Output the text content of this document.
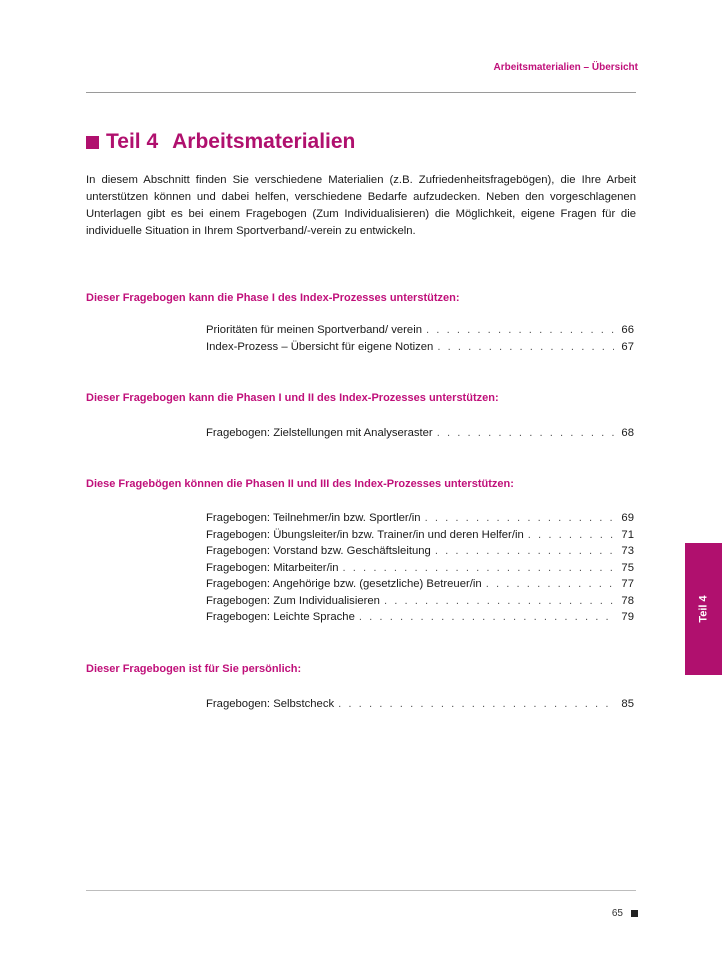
Arbeitsmaterialien – Übersicht
Teil 4 Arbeitsmaterialien

In diesem Abschnitt finden Sie verschiedene Materialien (z.B. Zufriedenheitsfragebögen), die Ihre Arbeit unterstützen können und dabei helfen, verschiedene Bedarfe aufzudecken. Neben den vorgeschlagenen Unterlagen gibt es bei einem Fragebogen (Zum Individualisieren) die Möglichkeit, eigene Fragen für die individuelle Situation in Ihrem Sportverband/-verein zu entwickeln.

Dieser Fragebogen kann die Phase I des Index-Prozesses unterstützen:
Prioritäten für meinen Sportverband/ verein . . .	66
Index-Prozess – Übersicht für eigene Notizen . . .	67
Dieser Fragebogen kann die Phasen I und II des Index-Prozesses unterstützen:
Fragebogen: Zielstellungen mit Analyseraster . . .	68
Diese Fragebögen können die Phasen II und III des Index-Prozesses unterstützen:
Fragebogen: Teilnehmer/in bzw. Sportler/in . . .	69
Fragebogen: Übungsleiter/in bzw. Trainer/in und deren Helfer/in . . .	71
Fragebogen: Vorstand bzw. Geschäftsleitung . . .	73
Fragebogen: Mitarbeiter/in . . .	75
Fragebogen: Angehörige bzw. (gesetzliche) Betreuer/in . . .	77
Fragebogen: Zum Individualisieren . . .	78
Fragebogen: Leichte Sprache . . .	79
Dieser Fragebogen ist für Sie persönlich:
Fragebogen: Selbstcheck . . .	85
Teil 4
65
